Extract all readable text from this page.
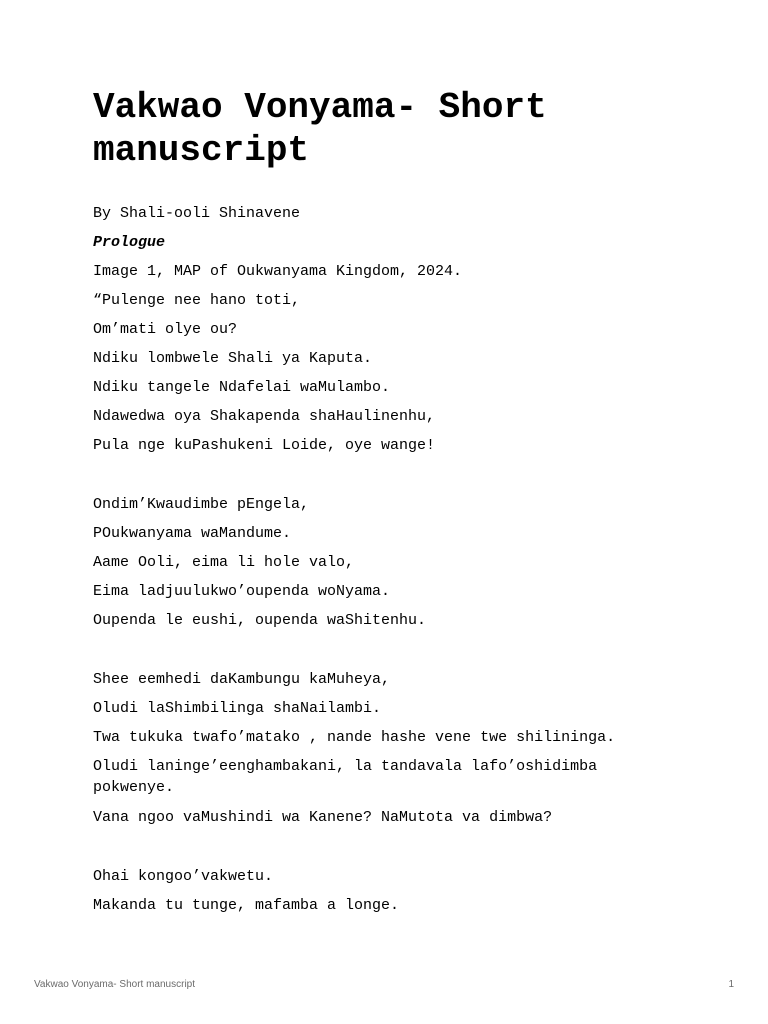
Vakwao Vonyama- Short manuscript

By Shali-ooli Shinavene

Prologue

Image 1, MAP of Oukwanyama Kingdom, 2024.

“Pulenge nee hano toti,

Om’mati olye ou?

Ndiku lombwele Shali ya Kaputa.

Ndiku tangele Ndafelai waMulambo.

Ndawedwa oya Shakapenda shaHaulinenhu,

Pula nge kuPashukeni Loide, oye wange!

Ondim’Kwaudimbe pEngela,

POukwanyama waMandume.

Aame Ooli, eima li hole valo,

Eima ladjuulukwo’oupenda woNyama.

Oupenda le eushi, oupenda waShitenhu.

Shee eemhedi daKambungu kaMuheya,

Oludi laShimbilinga shaNailambi.

Twa tukuka twafo’matako , nande hashe vene twe shilininga.

Oludi laninge’eenghambakani, la tandavala lafo’oshidimba pokwenye.

Vana ngoo vaMushindi wa Kanene? NaMutota va dimbwa?

Ohai kongoo’vakwetu.

Makanda tu tunge, mafamba a longe.

Vakwao Vonyama- Short manuscript	1
